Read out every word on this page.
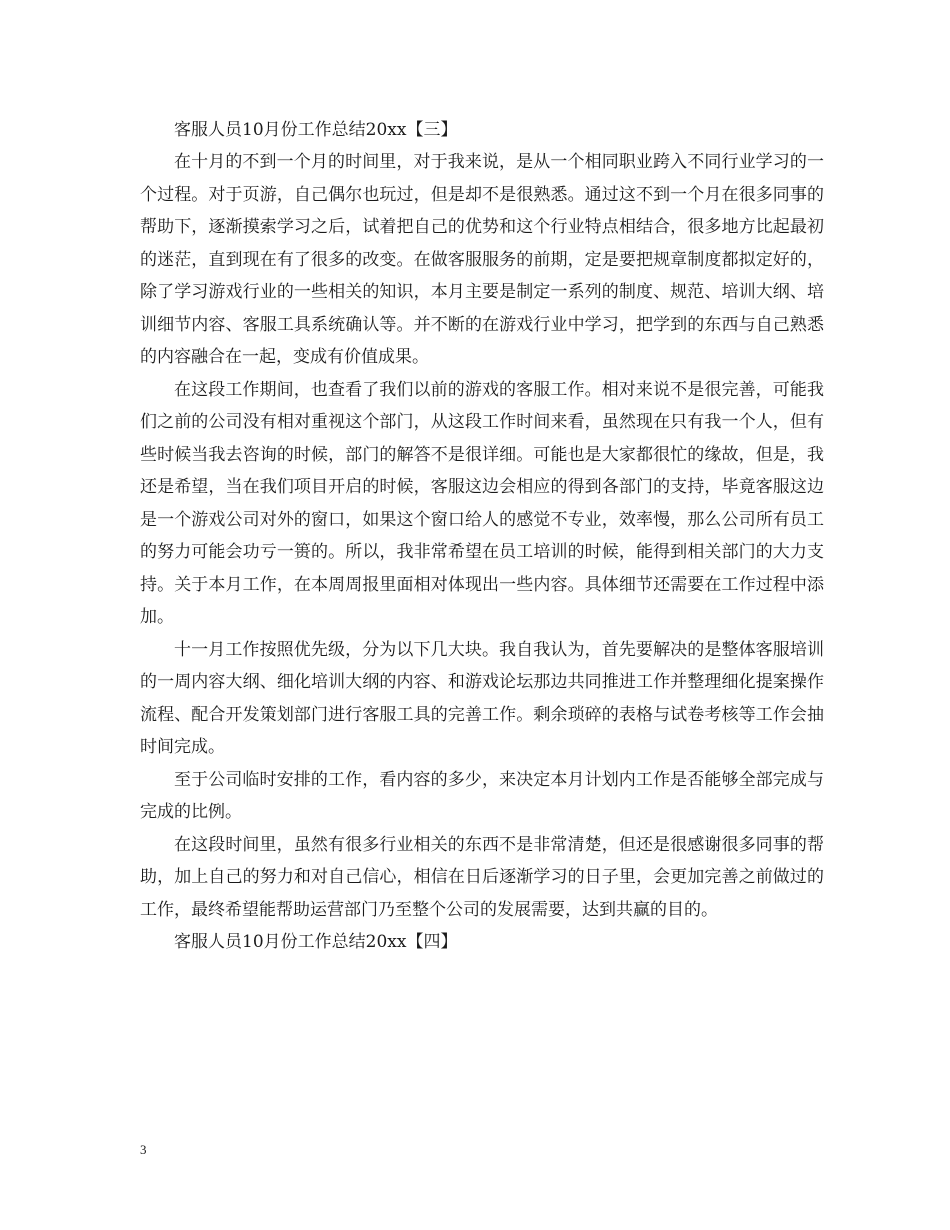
客服人员10月份工作总结20xx【三】

在十月的不到一个月的时间里，对于我来说，是从一个相同职业跨入不同行业学习的一个过程。对于页游，自己偶尔也玩过，但是却不是很熟悉。通过这不到一个月在很多同事的帮助下，逐渐摸索学习之后，试着把自己的优势和这个行业特点相结合，很多地方比起最初的迷茫，直到现在有了很多的改变。在做客服服务的前期，定是要把规章制度都拟定好的，除了学习游戏行业的一些相关的知识，本月主要是制定一系列的制度、规范、培训大纲、培训细节内容、客服工具系统确认等。并不断的在游戏行业中学习，把学到的东西与自己熟悉的内容融合在一起，变成有价值成果。

在这段工作期间，也查看了我们以前的游戏的客服工作。相对来说不是很完善，可能我们之前的公司没有相对重视这个部门，从这段工作时间来看，虽然现在只有我一个人，但有些时候当我去咨询的时候，部门的解答不是很详细。可能也是大家都很忙的缘故，但是，我还是希望，当在我们项目开启的时候，客服这边会相应的得到各部门的支持，毕竟客服这边是一个游戏公司对外的窗口，如果这个窗口给人的感觉不专业，效率慢，那么公司所有员工的努力可能会功亏一篑的。所以，我非常希望在员工培训的时候，能得到相关部门的大力支持。关于本月工作，在本周周报里面相对体现出一些内容。具体细节还需要在工作过程中添加。

十一月工作按照优先级，分为以下几大块。我自我认为，首先要解决的是整体客服培训的一周内容大纲、细化培训大纲的内容、和游戏论坛那边共同推进工作并整理细化提案操作流程、配合开发策划部门进行客服工具的完善工作。剩余琐碎的表格与试卷考核等工作会抽时间完成。

至于公司临时安排的工作，看内容的多少，来决定本月计划内工作是否能够全部完成与完成的比例。

在这段时间里，虽然有很多行业相关的东西不是非常清楚，但还是很感谢很多同事的帮助，加上自己的努力和对自己信心，相信在日后逐渐学习的日子里，会更加完善之前做过的工作，最终希望能帮助运营部门乃至整个公司的发展需要，达到共赢的目的。

客服人员10月份工作总结20xx【四】

3
